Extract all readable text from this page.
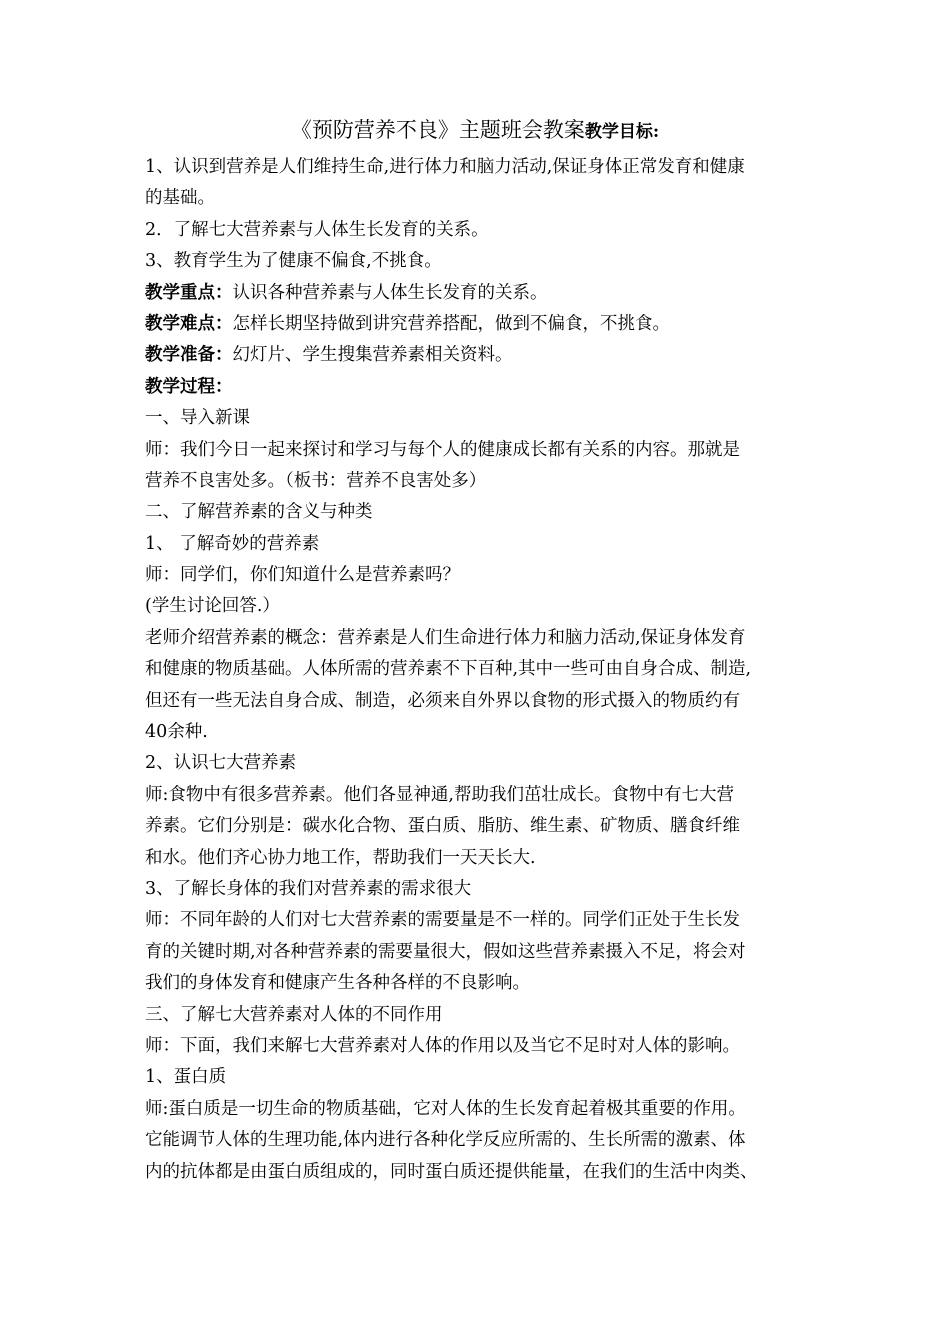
《预防营养不良》主题班会教案教学目标:
1、认识到营养是人们维持生命,进行体力和脑力活动,保证身体正常发育和健康
的基础。
2．了解七大营养素与人体生长发育的关系。
3、教育学生为了健康不偏食,不挑食。
教学重点：认识各种营养素与人体生长发育的关系。
教学难点：怎样长期坚持做到讲究营养搭配，做到不偏食，不挑食。
教学准备：幻灯片、学生搜集营养素相关资料。
教学过程：
一、导入新课
师：我们今日一起来探讨和学习与每个人的健康成长都有关系的内容。那就是
营养不良害处多。（板书：营养不良害处多）
二、了解营养素的含义与种类
1、 了解奇妙的营养素
师：同学们，你们知道什么是营养素吗？
(学生讨论回答.）
老师介绍营养素的概念：营养素是人们生命进行体力和脑力活动,保证身体发育
和健康的物质基础。人体所需的营养素不下百种,其中一些可由自身合成、制造,
但还有一些无法自身合成、制造，必须来自外界以食物的形式摄入的物质约有
40余种.
2、认识七大营养素
师:食物中有很多营养素。他们各显神通,帮助我们茁壮成长。食物中有七大营
养素。它们分别是：碳水化合物、蛋白质、脂肪、维生素、矿物质、膳食纤维
和水。他们齐心协力地工作，帮助我们一天天长大.
3、了解长身体的我们对营养素的需求很大
师：不同年龄的人们对七大营养素的需要量是不一样的。同学们正处于生长发
育的关键时期,对各种营养素的需要量很大，假如这些营养素摄入不足，将会对
我们的身体发育和健康产生各种各样的不良影响。
三、了解七大营养素对人体的不同作用
师：下面，我们来解七大营养素对人体的作用以及当它不足时对人体的影响。
1、蛋白质
师:蛋白质是一切生命的物质基础，它对人体的生长发育起着极其重要的作用。
它能调节人体的生理功能,体内进行各种化学反应所需的、生长所需的激素、体
内的抗体都是由蛋白质组成的，同时蛋白质还提供能量，在我们的生活中肉类、
